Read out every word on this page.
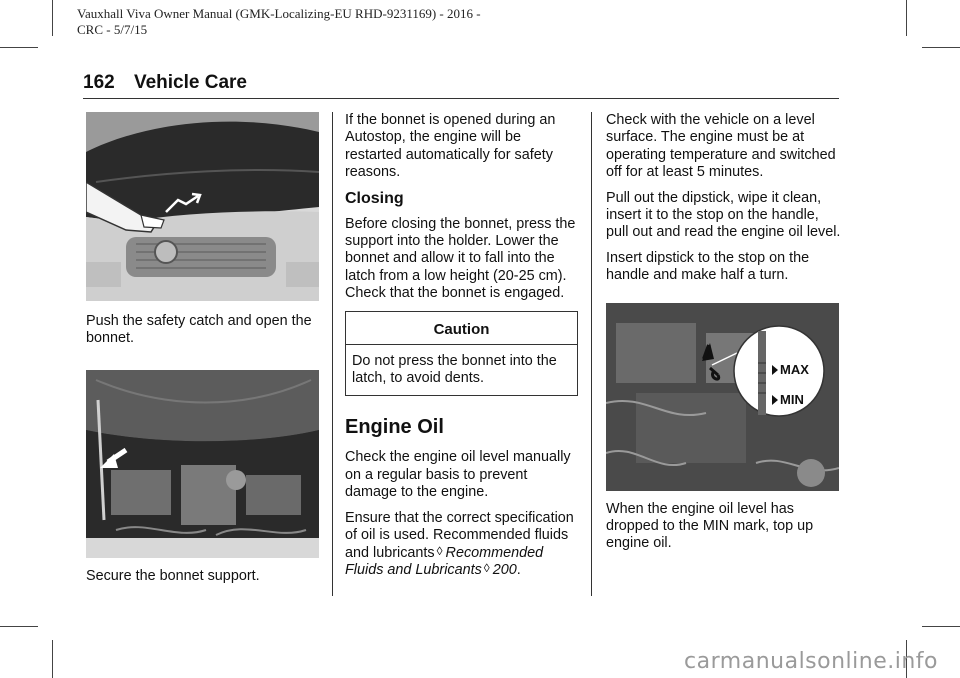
Vauxhall Viva Owner Manual (GMK-Localizing-EU RHD-9231169) - 2016 -
CRC - 5/7/15
162 Vehicle Care

Push the safety catch and open the bonnet.

Secure the bonnet support.

If the bonnet is opened during an Autostop, the engine will be restarted automatically for safety reasons.

Closing

Before closing the bonnet, press the support into the holder. Lower the bonnet and allow it to fall into the latch from a low height (20-25 cm). Check that the bonnet is engaged.

Caution
Do not press the bonnet into the latch, to avoid dents.
Engine Oil

Check the engine oil level manually on a regular basis to prevent damage to the engine.

Ensure that the correct specification of oil is used. Recommended fluids and lubricants ◊ Recommended Fluids and Lubricants ◊ 200.

Check with the vehicle on a level surface. The engine must be at operating temperature and switched off for at least 5 minutes.

Pull out the dipstick, wipe it clean, insert it to the stop on the handle, pull out and read the engine oil level.

Insert dipstick to the stop on the handle and make half a turn.

MAX
MIN

When the engine oil level has dropped to the MIN mark, top up engine oil.

carmanualsonline.info
